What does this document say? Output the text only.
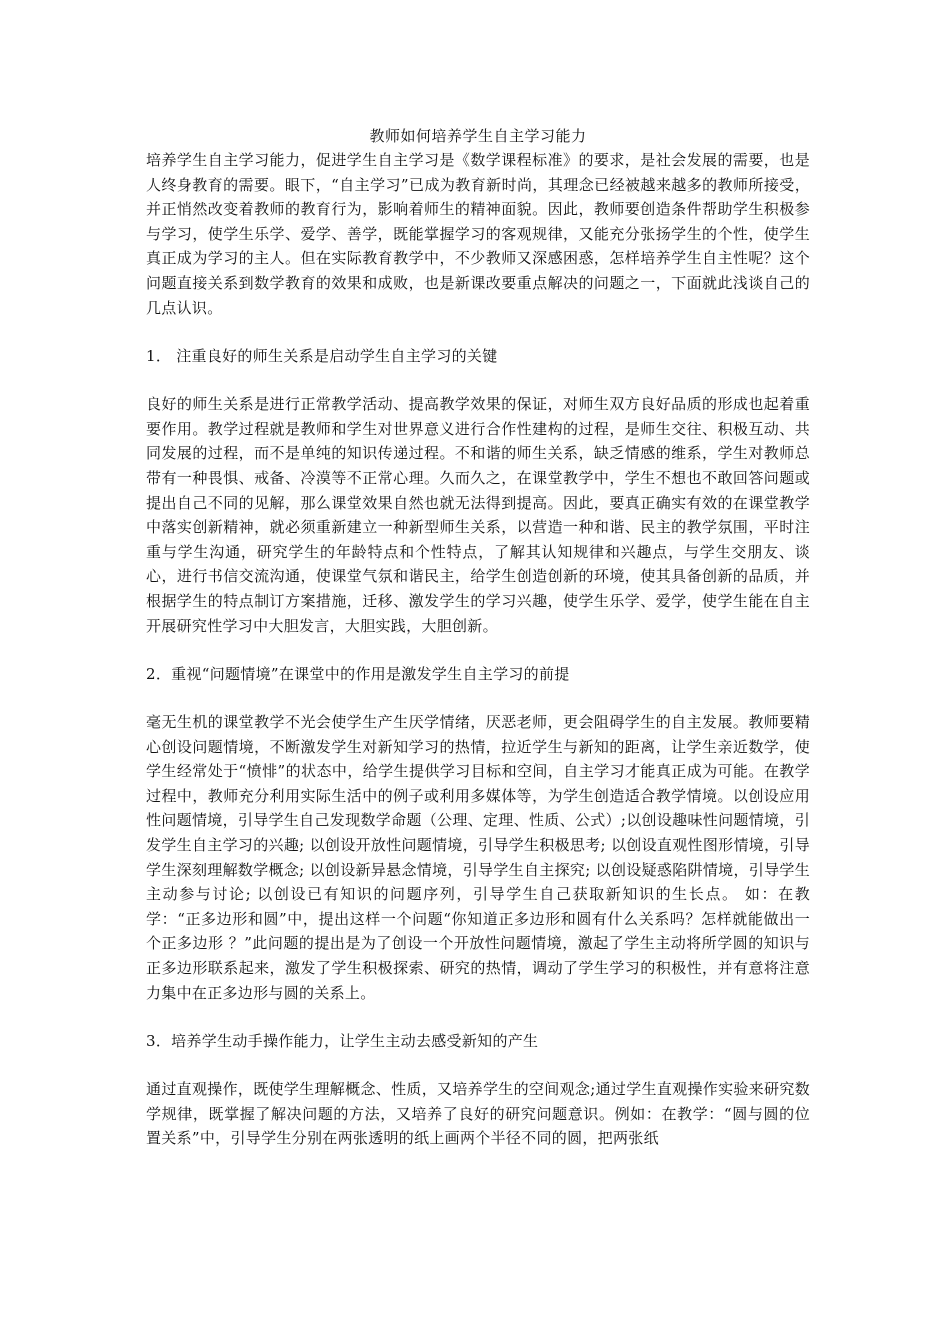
教师如何培养学生自主学习能力

培养学生自主学习能力，促进学生自主学习是《数学课程标准》的要求，是社会发展的需要，也是人终身教育的需要。眼下，“自主学习”已成为教育新时尚，其理念已经被越来越多的教师所接受，并正悄然改变着教师的教育行为，影响着师生的精神面貌。因此，教师要创造条件帮助学生积极参与学习，使学生乐学、爱学、善学，既能掌握学习的客观规律，又能充分张扬学生的个性，使学生真正成为学习的主人。但在实际教育教学中，不少教师又深感困惑，怎样培养学生自主性呢？这个问题直接关系到数学教育的效果和成败，也是新课改要重点解决的问题之一，下面就此浅谈自己的几点认识。

1． 注重良好的师生关系是启动学生自主学习的关键

良好的师生关系是进行正常教学活动、提高教学效果的保证，对师生双方良好品质的形成也起着重要作用。教学过程就是教师和学生对世界意义进行合作性建构的过程，是师生交往、积极互动、共同发展的过程，而不是单纯的知识传递过程。不和谐的师生关系，缺乏情感的维系，学生对教师总带有一种畏惧、戒备、冷漠等不正常心理。久而久之，在课堂教学中，学生不想也不敢回答问题或提出自己不同的见解，那么课堂效果自然也就无法得到提高。因此，要真正确实有效的在课堂教学中落实创新精神，就必须重新建立一种新型师生关系，以营造一种和谐、民主的教学氛围，平时注重与学生沟通，研究学生的年龄特点和个性特点，了解其认知规律和兴趣点，与学生交朋友、谈心，进行书信交流沟通，使课堂气氛和谐民主，给学生创造创新的环境，使其具备创新的品质，并根据学生的特点制订方案措施，迁移、激发学生的学习兴趣，使学生乐学、爱学，使学生能在自主开展研究性学习中大胆发言，大胆实践，大胆创新。

2．重视“问题情境”在课堂中的作用是激发学生自主学习的前提

毫无生机的课堂教学不光会使学生产生厌学情绪，厌恶老师，更会阻碍学生的自主发展。教师要精心创设问题情境，不断激发学生对新知学习的热情，拉近学生与新知的距离，让学生亲近数学，使学生经常处于“愤悱”的状态中，给学生提供学习目标和空间，自主学习才能真正成为可能。在教学过程中，教师充分利用实际生活中的例子或利用多媒体等，为学生创造适合教学情境。以创设应用性问题情境，引导学生自己发现数学命题（公理、定理、性质、公式）;以创设趣味性问题情境，引发学生自主学习的兴趣; 以创设开放性问题情境，引导学生积极思考; 以创设直观性图形情境，引导学生深刻理解数学概念; 以创设新异悬念情境，引导学生自主探究; 以创设疑惑陷阱情境，引导学生主动参与讨论; 以创设已有知识的问题序列，引导学生自己获取新知识的生长点。 如：在教学：“正多边形和圆”中，提出这样一个问题“你知道正多边形和圆有什么关系吗？怎样就能做出一个正多边形 ？”此问题的提出是为了创设一个开放性问题情境，激起了学生主动将所学圆的知识与正多边形联系起来，激发了学生积极探索、研究的热情，调动了学生学习的积极性，并有意将注意力集中在正多边形与圆的关系上。

3．培养学生动手操作能力，让学生主动去感受新知的产生

通过直观操作，既使学生理解概念、性质，又培养学生的空间观念;通过学生直观操作实验来研究数学规律，既掌握了解决问题的方法，又培养了良好的研究问题意识。例如：在教学：“圆与圆的位置关系”中，引导学生分别在两张透明的纸上画两个半径不同的圆，把两张纸
